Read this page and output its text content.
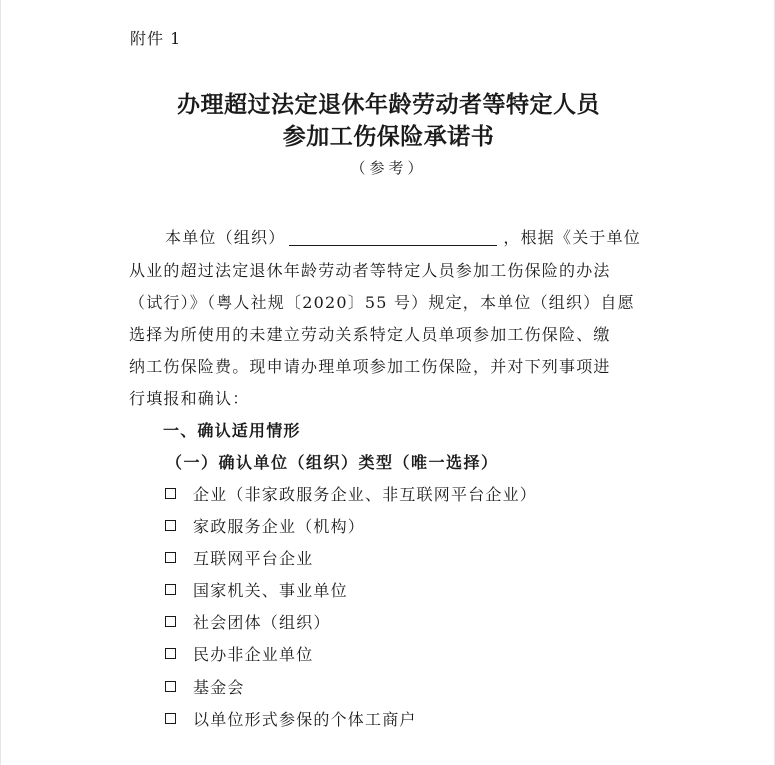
附件 1
办理超过法定退休年龄劳动者等特定人员
参加工伤保险承诺书
（参考）
本单位（组织）	，根据《关于单位
从业的超过法定退休年龄劳动者等特定人员参加工伤保险的办法
（试行）》（粤人社规〔2020〕55 号）规定，本单位（组织）自愿
选择为所使用的未建立劳动关系特定人员单项参加工伤保险、缴
纳工伤保险费。现申请办理单项参加工伤保险，并对下列事项进
行填报和确认：
一、确认适用情形
（一）确认单位（组织）类型（唯一选择）
企业（非家政服务企业、非互联网平台企业）
家政服务企业（机构）
互联网平台企业
国家机关、事业单位
社会团体（组织）
民办非企业单位
基金会
以单位形式参保的个体工商户
